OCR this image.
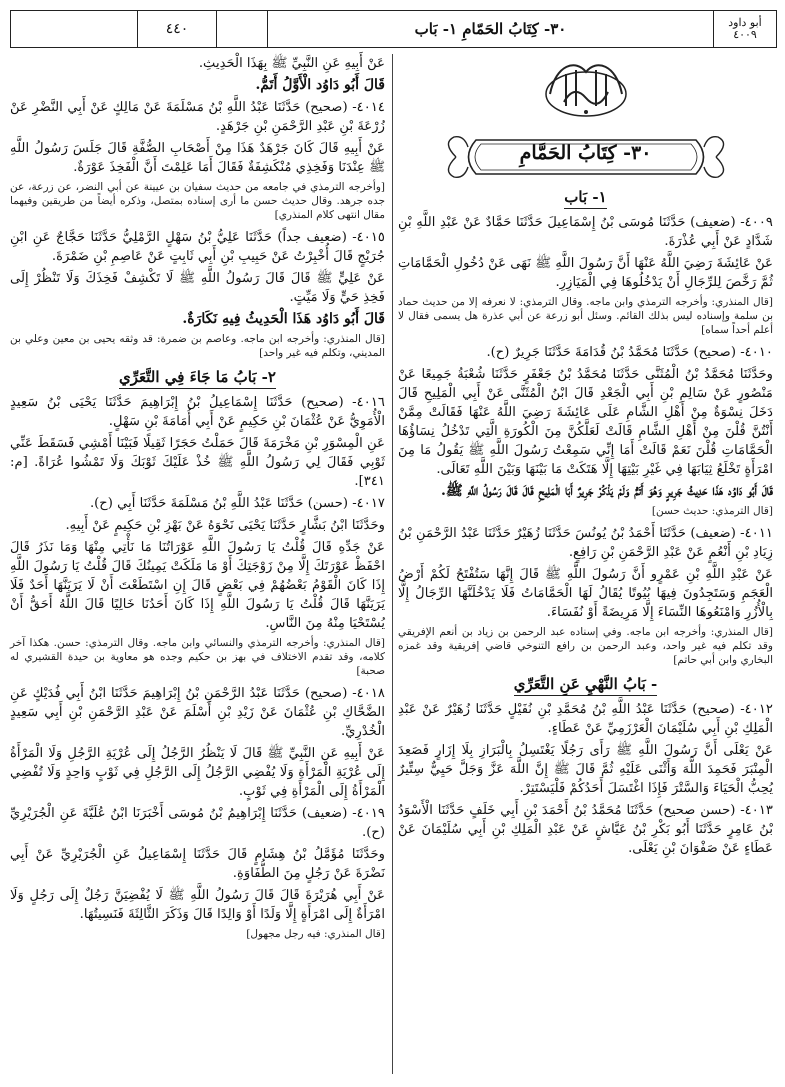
أبو داود
٤٠٠٩
٣٠- كِتَابُ الحَمّامِ ١- بَاب
٤٤٠
٣٠- كِتَابُ الحَمَّامِ
١- بَاب

٤٠٠٩- (ضعيف) حَدَّثَنَا مُوسَى بْنُ إِسْمَاعِيلَ حَدَّثَنَا حَمَّادٌ عَنْ عَبْدِ اللَّهِ بْنِ شَدَّادٍ عَنْ أَبِي عُذْرَةَ.

عَنْ عَائِشَةَ رَضِيَ اللَّهُ عَنْهَا أَنَّ رَسُولَ اللَّهِ ﷺ نَهَى عَنْ دُخُولِ الْحَمَّامَاتِ ثُمَّ رَخَّصَ لِلرِّجَالِ أَنْ يَدْخُلُوهَا فِي الْمَيَازِرِ.

[قال المنذري: وأخرجه الترمذي وابن ماجه. وقال الترمذي: لا نعرفه إلا من حديث حماد بن سلمة وإسناده ليس بذلك القائم. وسئل أبو زرعة عن أبي عذرة هل يسمى فقال لا أعلم أحداً سماه]

٤٠١٠- (صحيح) حَدَّثَنَا مُحَمَّدُ بْنُ قُدَامَةَ حَدَّثَنَا جَرِيرٌ (ح).

وحَدَّثَنَا مُحَمَّدُ بْنُ الْمُثَنَّى حَدَّثَنَا مُحَمَّدُ بْنُ جَعْفَرٍ حَدَّثَنَا شُعْبَةُ جَمِيعًا عَنْ مَنْصُورٍ عَنْ سَالِمِ بْنِ أَبِي الْجَعْدِ قَالَ ابْنُ الْمُثَنَّى عَنْ أَبِي الْمَلِيحِ قَالَ دَخَلَ نِسْوَةٌ مِنْ أَهْلِ الشَّامِ عَلَى عَائِشَةَ رَضِيَ اللَّهُ عَنْهَا فَقَالَتْ مِمَّنْ أَنْتُنَّ قُلْنَ مِنْ أَهْلِ الشَّامِ قَالَتْ لَعَلَّكُنَّ مِنَ الْكُورَةِ الَّتِي تَدْخُلُ نِسَاؤُهَا الْحَمَّامَاتِ قُلْنَ نَعَمْ قَالَتْ أَمَا إِنِّي سَمِعْتُ رَسُولَ اللَّهِ ﷺ يَقُولُ مَا مِنَ امْرَأَةٍ تَخْلَعُ ثِيَابَهَا فِي غَيْرِ بَيْتِهَا إِلَّا هَتَكَتْ مَا بَيْنَهَا وَبَيْنَ اللَّهِ تَعَالَى.

قَالَ أَبُو دَاوُد هَذَا حَدِيثُ جَرِيرٍ وَهُوَ أَتَمُّ وَلَمْ يَذْكُرْ جَرِيرٌ أَبَا الْمَلِيحِ قَالَ قَالَ رَسُولُ اللَّهِ ﷺ.

[قال الترمذي: حديث حسن]

٤٠١١- (ضعيف) حَدَّثَنَا أَحْمَدُ بْنُ يُونُسَ حَدَّثَنَا زُهَيْرٌ حَدَّثَنَا عَبْدُ الرَّحْمَنِ بْنُ زِيَادِ بْنِ أَنْعُمٍ عَنْ عَبْدِ الرَّحْمَنِ بْنِ رَافِعٍ.

عَنْ عَبْدِ اللَّهِ بْنِ عَمْرٍو أَنَّ رَسُولَ اللَّهِ ﷺ قَالَ إِنَّهَا سَتُفْتَحُ لَكُمْ أَرْضُ الْعَجَمِ وَسَتَجِدُونَ فِيهَا بُيُوتًا يُقَالُ لَهَا الْحَمَّامَاتُ فَلَا يَدْخُلَنَّهَا الرِّجَالُ إِلَّا بِالْأُزُرِ وَامْنَعُوهَا النِّسَاءَ إِلَّا مَرِيضَةً أَوْ نُفَسَاءَ.

[قال المنذري: وأخرجه ابن ماجه. وفي إسناده عبد الرحمن بن زياد بن أنعم الإفريقي وقد تكلم فيه غير واحد، وعبد الرحمن بن رافع التنوخي قاضي إفريقية وقد غمزه البخاري وابن أبي حاتم]

- بَابُ النَّهْيِ عَنِ التَّعَرِّي

٤٠١٢- (صحيح) حَدَّثَنَا عَبْدُ اللَّهِ بْنُ مُحَمَّدِ بْنِ نُفَيْلٍ حَدَّثَنَا زُهَيْرٌ عَنْ عَبْدِ الْمَلِكِ بْنِ أَبِي سُلَيْمَانَ الْعَرْزَمِيِّ عَنْ عَطَاءٍ.

عَنْ يَعْلَى أَنَّ رَسُولَ اللَّهِ ﷺ رَأَى رَجُلًا يَغْتَسِلُ بِالْبَرَازِ بِلَا إِزَارٍ فَصَعِدَ الْمِنْبَرَ فَحَمِدَ اللَّهَ وَأَثْنَى عَلَيْهِ ثُمَّ قَالَ ﷺ إِنَّ اللَّهَ عَزَّ وَجَلَّ حَيِيٌّ سِتِّيرٌ يُحِبُّ الْحَيَاءَ وَالسَّتْرَ فَإِذَا اغْتَسَلَ أَحَدُكُمْ فَلْيَسْتَتِرْ.

٤٠١٣- (حسن صحيح) حَدَّثَنَا مُحَمَّدُ بْنُ أَحْمَدَ بْنِ أَبِي خَلَفٍ حَدَّثَنَا الْأَسْوَدُ بْنُ عَامِرٍ حَدَّثَنَا أَبُو بَكْرِ بْنُ عَيَّاشٍ عَنْ عَبْدِ الْمَلِكِ بْنِ أَبِي سُلَيْمَانَ عَنْ عَطَاءٍ عَنْ صَفْوَانَ بْنِ يَعْلَى.

عَنْ أَبِيهِ عَنِ النَّبِيِّ ﷺ بِهَذَا الْحَدِيثِ.

قَالَ أَبُو دَاوُد الْأَوَّلُ أَتَمُّ.

٤٠١٤- (صحيح) حَدَّثَنَا عَبْدُ اللَّهِ بْنُ مَسْلَمَةَ عَنْ مَالِكٍ عَنْ أَبِي النَّضْرِ عَنْ زُرْعَةَ بْنِ عَبْدِ الرَّحْمَنِ بْنِ جَرْهَدٍ.

عَنْ أَبِيهِ قَالَ كَانَ جَرْهَدٌ هَذَا مِنْ أَصْحَابِ الصُّفَّةِ قَالَ جَلَسَ رَسُولُ اللَّهِ ﷺ عِنْدَنَا وَفَخِذِي مُنْكَشِفَةٌ فَقَالَ أَمَا عَلِمْتَ أَنَّ الْفَخِذَ عَوْرَةٌ.

[وأخرجه الترمذي في جامعه من حديث سفيان بن عيينة عن أبي النضر، عن زرعة، عن جده جرهد. وقال حديث حسن ما أرى إسناده بمتصل، وذكره أيضاً من طريقين وفيهما مقال انتهى كلام المنذري]

٤٠١٥- (ضعيف جداً) حَدَّثَنَا عَلِيُّ بْنُ سَهْلٍ الرَّمْلِيُّ حَدَّثَنَا حَجَّاجٌ عَنِ ابْنِ جُرَيْجٍ قَالَ أُخْبِرْتُ عَنْ حَبِيبِ بْنِ أَبِي ثَابِتٍ عَنْ عَاصِمِ بْنِ ضَمْرَةَ.

عَنْ عَلِيٍّ ﷺ قَالَ قَالَ رَسُولُ اللَّهِ ﷺ لَا تَكْشِفْ فَخِذَكَ وَلَا تَنْظُرْ إِلَى فَخِذِ حَيٍّ وَلَا مَيِّتٍ.

قَالَ أَبُو دَاوُد هَذَا الْحَدِيثُ فِيهِ نَكَارَةٌ.

[قال المنذري: وأخرجه ابن ماجه. وعاصم بن ضمرة: قد وثقه يحيى بن معين وعلي بن المديني، وتكلم فيه غير واحد]

٢- بَابُ مَا جَاءَ فِي التَّعَرِّي

٤٠١٦- (صحيح) حَدَّثَنَا إِسْمَاعِيلُ بْنُ إِبْرَاهِيمَ حَدَّثَنَا يَحْيَى بْنُ سَعِيدٍ الْأُمَوِيُّ عَنْ عُثْمَانَ بْنِ حَكِيمٍ عَنْ أَبِي أُمَامَةَ بْنِ سَهْلٍ.

عَنِ الْمِسْوَرِ بْنِ مَخْرَمَةَ قَالَ حَمَلْتُ حَجَرًا ثَقِيلًا فَبَيْنَا أَمْشِي فَسَقَطَ عَنِّي ثَوْبِي فَقَالَ لِي رَسُولُ اللَّهِ ﷺ خُذْ عَلَيْكَ ثَوْبَكَ وَلَا تَمْشُوا عُرَاةً. [م: ٣٤١].

٤٠١٧- (حسن) حَدَّثَنَا عَبْدُ اللَّهِ بْنُ مَسْلَمَةَ حَدَّثَنَا أَبِي (ح).

وحَدَّثَنَا ابْنُ بَشَّارٍ حَدَّثَنَا يَحْيَى نَحْوَهُ عَنْ بَهْزِ بْنِ حَكِيمٍ عَنْ أَبِيهِ.

عَنْ جَدِّهِ قَالَ قُلْتُ يَا رَسُولَ اللَّهِ عَوْرَاتُنَا مَا نَأْتِي مِنْهَا وَمَا نَذَرُ قَالَ احْفَظْ عَوْرَتَكَ إِلَّا مِنْ زَوْجَتِكَ أَوْ مَا مَلَكَتْ يَمِينُكَ قَالَ قُلْتُ يَا رَسُولَ اللَّهِ إِذَا كَانَ الْقَوْمُ بَعْضُهُمْ فِي بَعْضٍ قَالَ إِنِ اسْتَطَعْتَ أَنْ لَا يَرَيَنَّهَا أَحَدٌ فَلَا يَرَيَنَّهَا قَالَ قُلْتُ يَا رَسُولَ اللَّهِ إِذَا كَانَ أَحَدُنَا خَالِيًا قَالَ اللَّهُ أَحَقُّ أَنْ يُسْتَحْيَا مِنْهُ مِنَ النَّاسِ.

[قال المنذري: وأخرجه الترمذي والنسائي وابن ماجه. وقال الترمذي: حسن. هكذا آخر كلامه، وقد تقدم الاختلاف في بهز بن حكيم وجده هو معاوية بن حيدة القشيري له صحبة]

٤٠١٨- (صحيح) حَدَّثَنَا عَبْدُ الرَّحْمَنِ بْنُ إِبْرَاهِيمَ حَدَّثَنَا ابْنُ أَبِي فُدَيْكٍ عَنِ الضَّحَّاكِ بْنِ عُثْمَانَ عَنْ زَيْدِ بْنِ أَسْلَمَ عَنْ عَبْدِ الرَّحْمَنِ بْنِ أَبِي سَعِيدٍ الْخُدْرِيِّ.

عَنْ أَبِيهِ عَنِ النَّبِيِّ ﷺ قَالَ لَا يَنْظُرُ الرَّجُلُ إِلَى عُرْيَةِ الرَّجُلِ وَلَا الْمَرْأَةُ إِلَى عُرْيَةِ الْمَرْأَةِ وَلَا يُفْضِي الرَّجُلُ إِلَى الرَّجُلِ فِي ثَوْبٍ وَاحِدٍ وَلَا تُفْضِي الْمَرْأَةُ إِلَى الْمَرْأَةِ فِي ثَوْبٍ.

٤٠١٩- (ضعيف) حَدَّثَنَا إِبْرَاهِيمُ بْنُ مُوسَى أَخْبَرَنَا ابْنُ عُلَيَّةَ عَنِ الْجُرَيْرِيِّ (ح).

وحَدَّثَنَا مُؤَمَّلُ بْنُ هِشَامٍ قَالَ حَدَّثَنَا إِسْمَاعِيلُ عَنِ الْجُرَيْرِيِّ عَنْ أَبِي نَضْرَةَ عَنْ رَجُلٍ مِنَ الطُّفَاوَةِ.

عَنْ أَبِي هُرَيْرَةَ قَالَ قَالَ رَسُولُ اللَّهِ ﷺ لَا يُفْضِيَنَّ رَجُلٌ إِلَى رَجُلٍ وَلَا امْرَأَةٌ إِلَى امْرَأَةٍ إِلَّا وَلَدًا أَوْ وَالِدًا قَالَ وَذَكَرَ الثَّالِثَةَ فَنَسِيتُهَا.

[قال المنذري: فيه رجل مجهول]
